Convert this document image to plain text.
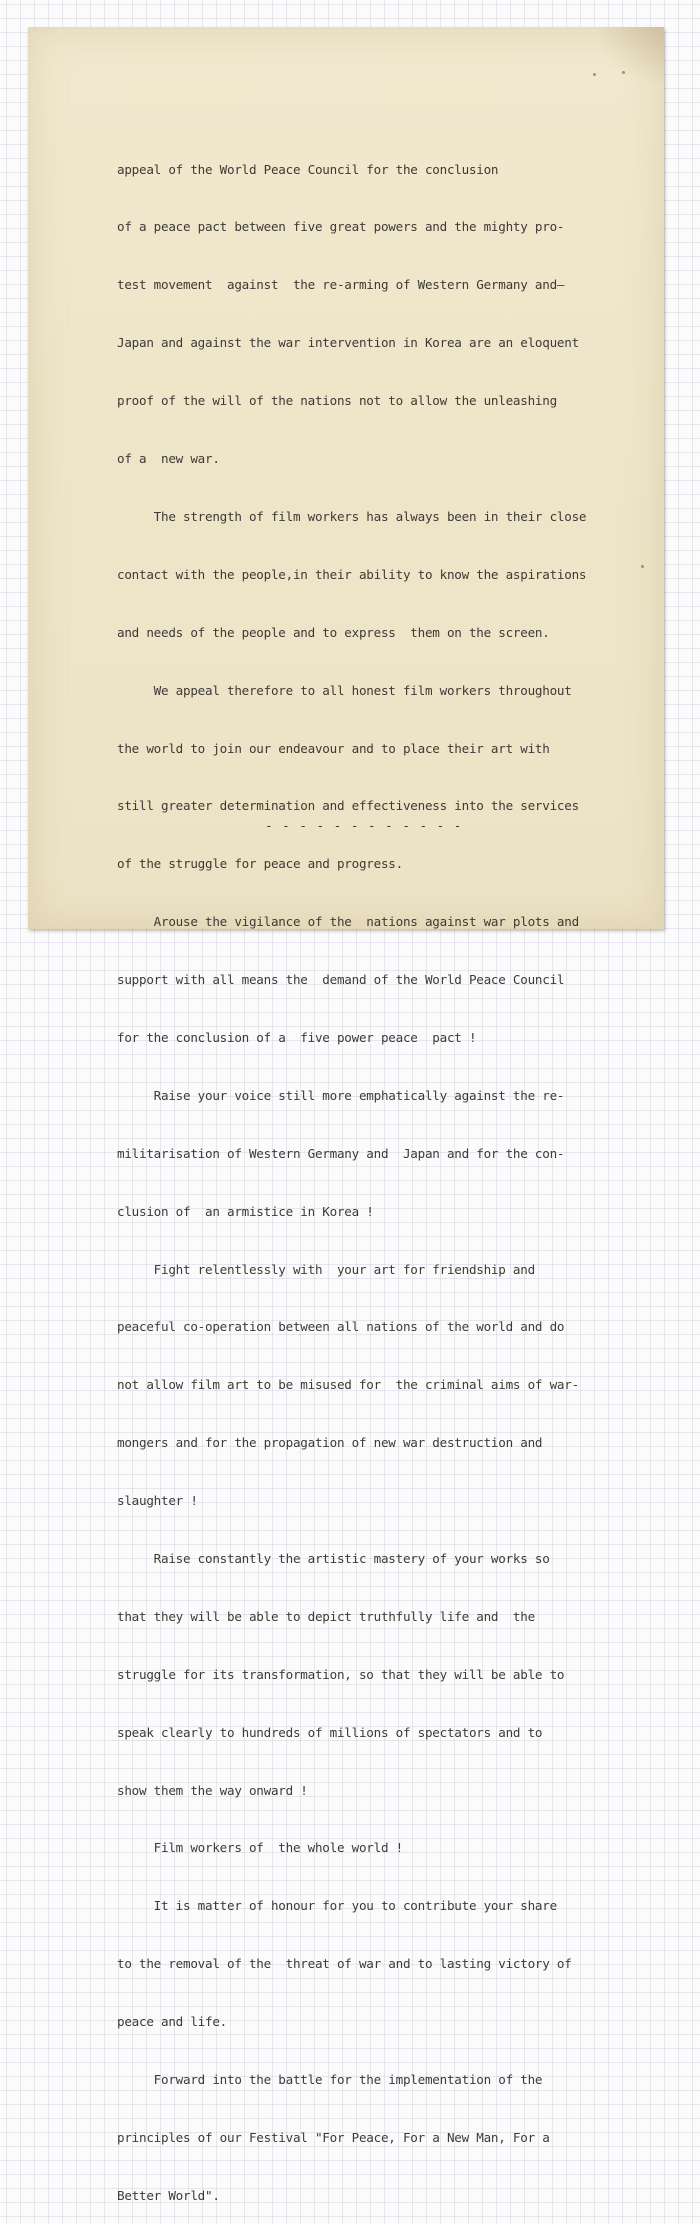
appeal of the World Peace Council for the conclusion

of a peace pact between five great powers and the mighty pro-

test movement  against  the re-arming of Western Germany and—

Japan and against the war intervention in Korea are an eloquent

proof of the will of the nations not to allow the unleashing

of a  new war.

The strength of film workers has always been in their close

contact with the people,in their ability to know the aspirations

and needs of the people and to express  them on the screen.

We appeal therefore to all honest film workers throughout

the world to join our endeavour and to place their art with

still greater determination and effectiveness into the services

of the struggle for peace and progress.

Arouse the vigilance of the  nations against war plots and

support with all means the  demand of the World Peace Council

for the conclusion of a  five power peace  pact !

Raise your voice still more emphatically against the re-

militarisation of Western Germany and  Japan and for the con-

clusion of  an armistice in Korea !

Fight relentlessly with  your art for friendship and

peaceful co-operation between all nations of the world and do

not allow film art to be misused for  the criminal aims of war-

mongers and for the propagation of new war destruction and

slaughter !

Raise constantly the artistic mastery of your works so

that they will be able to depict truthfully life and  the

struggle for its transformation, so that they will be able to

speak clearly to hundreds of millions of spectators and to

show them the way onward !

Film workers of  the whole world !

It is matter of honour for you to contribute your share

to the removal of the  threat of war and to lasting victory of

peace and life.

Forward into the battle for the implementation of the

principles of our Festival "For Peace, For a New Man, For a

Better World".

- - - - - - - - - - - -
